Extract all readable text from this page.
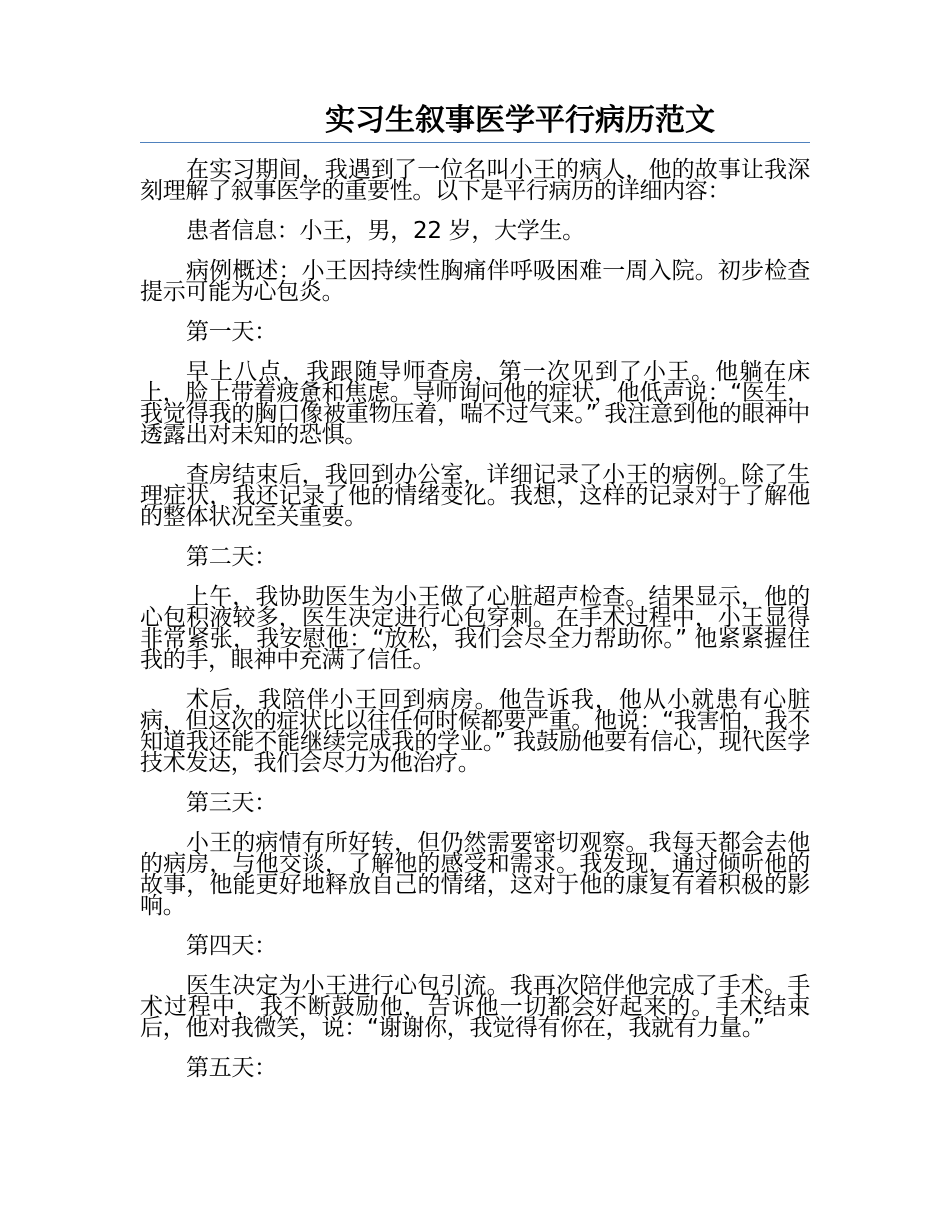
实习生叙事医学平行病历范文

在实习期间，我遇到了一位名叫小王的病人，他的故事让我深刻理解了叙事医学的重要性。以下是平行病历的详细内容：

患者信息：小王，男，22 岁，大学生。

病例概述：小王因持续性胸痛伴呼吸困难一周入院。初步检查提示可能为心包炎。

第一天：

早上八点，我跟随导师查房，第一次见到了小王。他躺在床上，脸上带着疲惫和焦虑。导师询问他的症状，他低声说：“医生，我觉得我的胸口像被重物压着，喘不过气来。” 我注意到他的眼神中透露出对未知的恐惧。

查房结束后，我回到办公室，详细记录了小王的病例。除了生理症状，我还记录了他的情绪变化。我想，这样的记录对于了解他的整体状况至关重要。

第二天：

上午，我协助医生为小王做了心脏超声检查。结果显示，他的心包积液较多，医生决定进行心包穿刺。在手术过程中，小王显得非常紧张，我安慰他：“放松，我们会尽全力帮助你。” 他紧紧握住我的手，眼神中充满了信任。

术后，我陪伴小王回到病房。他告诉我，他从小就患有心脏病，但这次的症状比以往任何时候都要严重。他说：“我害怕，我不知道我还能不能继续完成我的学业。” 我鼓励他要有信心，现代医学技术发达，我们会尽力为他治疗。

第三天：

小王的病情有所好转，但仍然需要密切观察。我每天都会去他的病房，与他交谈，了解他的感受和需求。我发现，通过倾听他的故事，他能更好地释放自己的情绪，这对于他的康复有着积极的影响。

第四天：

医生决定为小王进行心包引流。我再次陪伴他完成了手术。手术过程中，我不断鼓励他，告诉他一切都会好起来的。手术结束后，他对我微笑，说：“谢谢你，我觉得有你在，我就有力量。”

第五天：
